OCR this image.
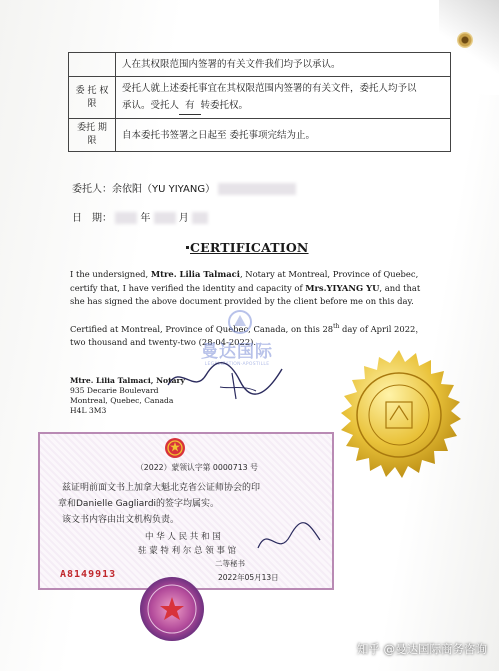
	人在其权限范围内签署的有关文件我们均予以承认。
委 托 权限	受托人就上述委托事宜在其权限范围内签署的有关文件，委托人均予以
承认。受托人 有 转委托权。
委托 期限	自本委托书签署之日起至 委托事项完结为止。
委托人：余依阳（YU YIYANG）
日　期：	年	月
CERTIFICATION
I the undersigned, Mtre. Lilia Talmaci, Notary at Montreal, Province of Quebec, certify that, I have verified the identity and capacity of Mrs.YIYANG YU, and that she has signed the above document provided by the client before me on this day.
Certified at Montreal, Province of Quebec, Canada, on this 28th day of April 2022，two thousand and twenty-two (28-04-2022).
曼达国际
LEGALIZATION·APOSTILLE
Mtre. Lilia Talmaci, Notary
935 Decarie Boulevard
Montreal, Quebec, Canada
H4L 3M3
（2022）蒙领认字第 0000713 号
兹证明前面文书上加拿大魁北克省公证师协会的印
章和Danielle Gagliardi的签字均属实。
该文书内容由出文机构负责。
中 华 人 民 共 和 国
驻 蒙 特 利 尔 总 领 事 馆
二等秘书
2022年05月13日
A8149913
知乎 @曼达国际商务咨询
